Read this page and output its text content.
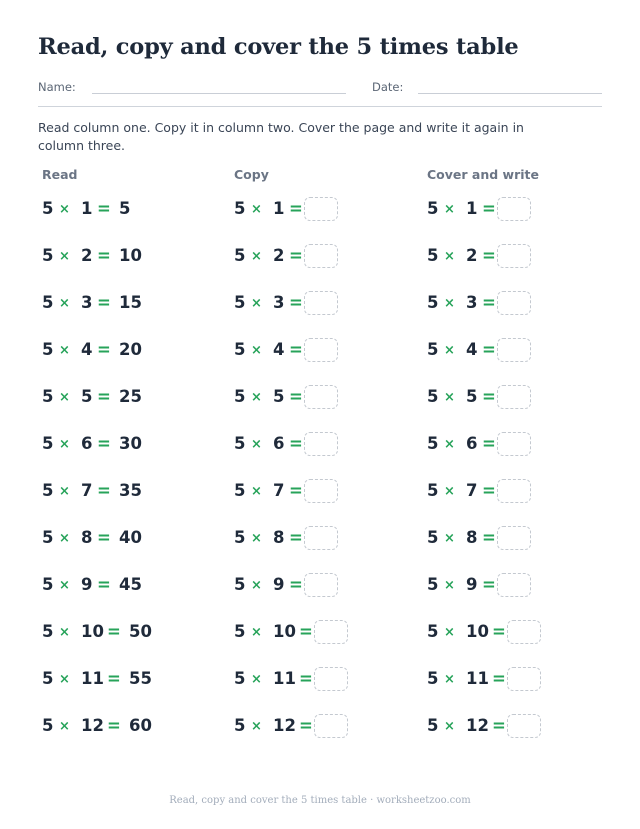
Read, copy and cover the 5 times table
Name:	Date:
Read column one. Copy it in column two. Cover the page and write it again in column three.
Read	Copy	Cover and write
5 × 1 = 5	5 × 1 =	5 × 1 =
5 × 2 = 10	5 × 2 =	5 × 2 =
5 × 3 = 15	5 × 3 =	5 × 3 =
5 × 4 = 20	5 × 4 =	5 × 4 =
5 × 5 = 25	5 × 5 =	5 × 5 =
5 × 6 = 30	5 × 6 =	5 × 6 =
5 × 7 = 35	5 × 7 =	5 × 7 =
5 × 8 = 40	5 × 8 =	5 × 8 =
5 × 9 = 45	5 × 9 =	5 × 9 =
5 × 10 = 50	5 × 10 =	5 × 10 =
5 × 11 = 55	5 × 11 =	5 × 11 =
5 × 12 = 60	5 × 12 =	5 × 12 =
Read, copy and cover the 5 times table · worksheetzoo.com
